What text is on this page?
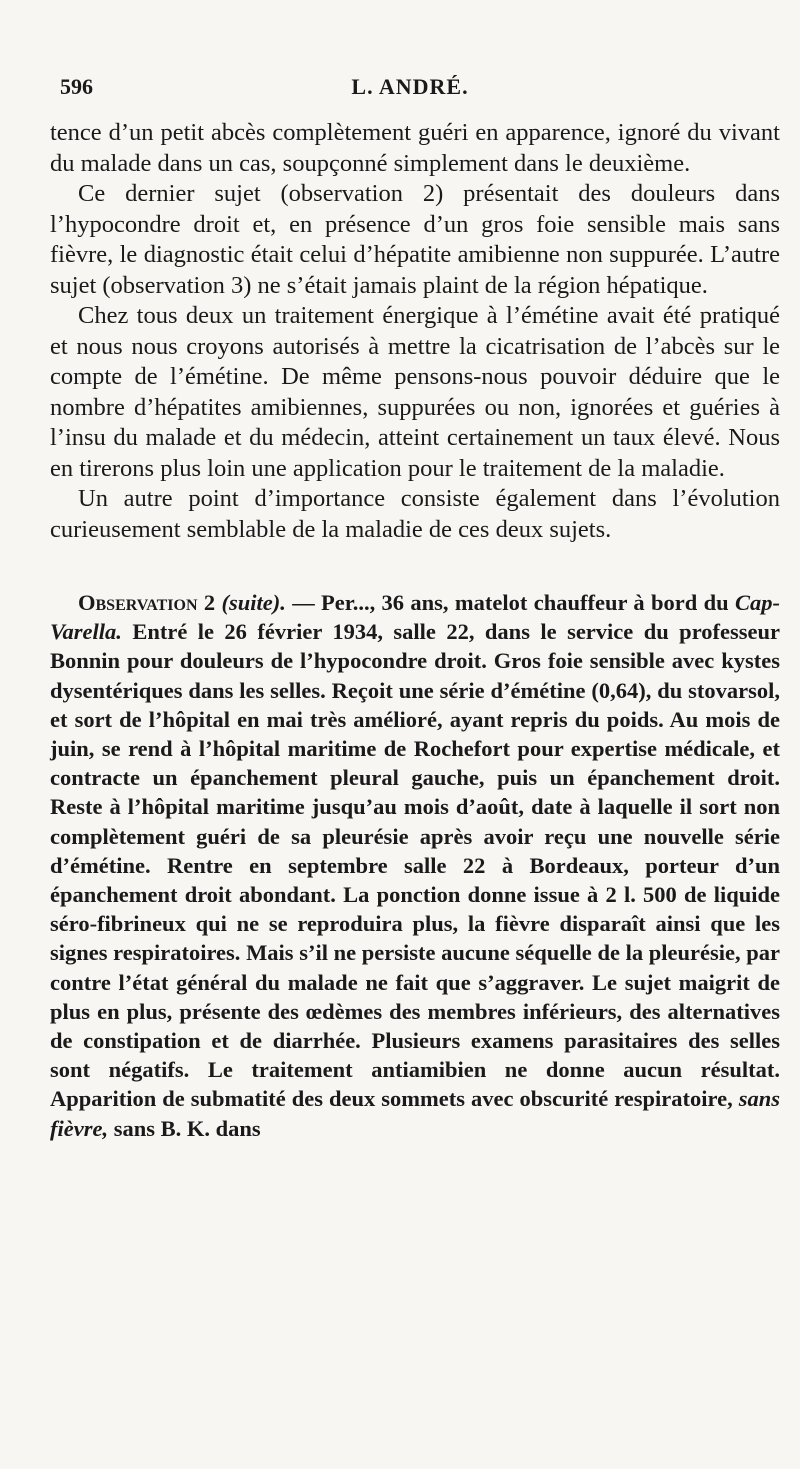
596	L. ANDRÉ.

tence d’un petit abcès complètement guéri en apparence, ignoré du vivant du malade dans un cas, soupçonné simplement dans le deuxième.

Ce dernier sujet (observation 2) présentait des douleurs dans l’hypocondre droit et, en présence d’un gros foie sensible mais sans fièvre, le diagnostic était celui d’hépatite amibienne non suppurée. L’autre sujet (observation 3) ne s’était jamais plaint de la région hépatique.

Chez tous deux un traitement énergique à l’émétine avait été pratiqué et nous nous croyons autorisés à mettre la cicatrisation de l’abcès sur le compte de l’émétine. De même pensons-nous pouvoir déduire que le nombre d’hépatites amibiennes, suppurées ou non, ignorées et guéries à l’insu du malade et du médecin, atteint certainement un taux élevé. Nous en tirerons plus loin une application pour le traitement de la maladie.

Un autre point d’importance consiste également dans l’évolution curieusement semblable de la maladie de ces deux sujets.

Observation 2 (suite). — Per..., 36 ans, matelot chauffeur à bord du Cap-Varella. Entré le 26 février 1934, salle 22, dans le service du professeur Bonnin pour douleurs de l’hypocondre droit. Gros foie sensible avec kystes dysentériques dans les selles. Reçoit une série d’émétine (0,64), du stovarsol, et sort de l’hôpital en mai très amélioré, ayant repris du poids. Au mois de juin, se rend à l’hôpital maritime de Rochefort pour expertise médicale, et contracte un épanchement pleural gauche, puis un épanchement droit. Reste à l’hôpital maritime jusqu’au mois d’août, date à laquelle il sort non complètement guéri de sa pleurésie après avoir reçu une nouvelle série d’émétine. Rentre en septembre salle 22 à Bordeaux, porteur d’un épanchement droit abondant. La ponction donne issue à 2 l. 500 de liquide séro-fibrineux qui ne se reproduira plus, la fièvre disparaît ainsi que les signes respiratoires. Mais s’il ne persiste aucune séquelle de la pleurésie, par contre l’état général du malade ne fait que s’aggraver. Le sujet maigrit de plus en plus, présente des œdèmes des membres inférieurs, des alternatives de constipation et de diarrhée. Plusieurs examens parasitaires des selles sont négatifs. Le traitement antiamibien ne donne aucun résultat. Apparition de submatité des deux sommets avec obscurité respiratoire, sans fièvre, sans B. K. dans
